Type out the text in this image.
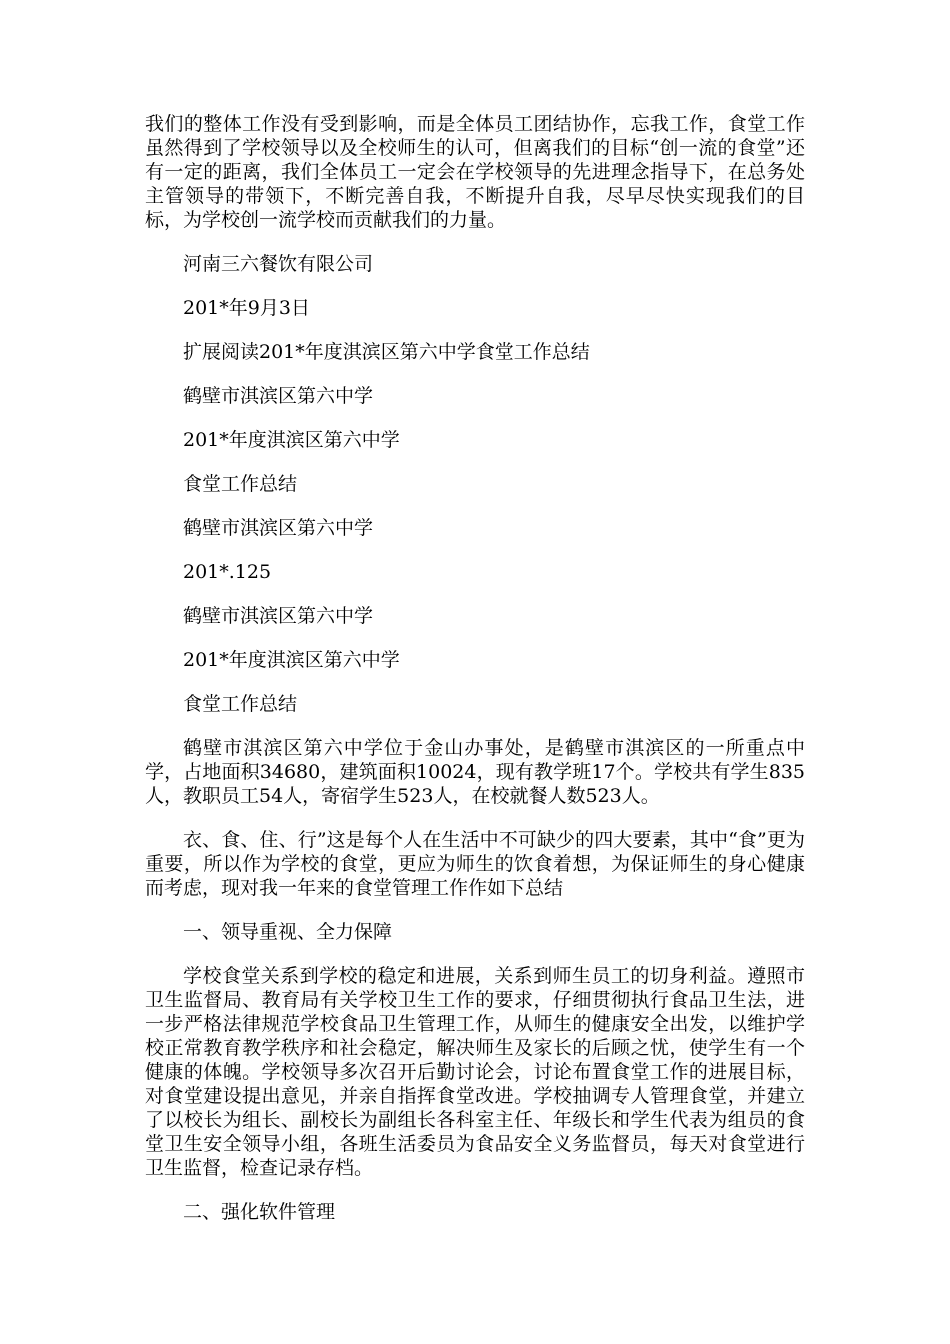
我们的整体工作没有受到影响，而是全体员工团结协作，忘我工作，食堂工作虽然得到了学校领导以及全校师生的认可，但离我们的目标“创一流的食堂”还有一定的距离，我们全体员工一定会在学校领导的先进理念指导下，在总务处主管领导的带领下，不断完善自我，不断提升自我，尽早尽快实现我们的目标，为学校创一流学校而贡献我们的力量。

河南三六餐饮有限公司

201*年9月3日

扩展阅读201*年度淇滨区第六中学食堂工作总结

鹤壁市淇滨区第六中学

201*年度淇滨区第六中学

食堂工作总结

鹤壁市淇滨区第六中学

201*.125

鹤壁市淇滨区第六中学

201*年度淇滨区第六中学

食堂工作总结

鹤壁市淇滨区第六中学位于金山办事处，是鹤壁市淇滨区的一所重点中学，占地面积34680，建筑面积10024，现有教学班17个。学校共有学生835人，教职员工54人，寄宿学生523人，在校就餐人数523人。

衣、食、住、行”这是每个人在生活中不可缺少的四大要素，其中“食”更为重要，所以作为学校的食堂，更应为师生的饮食着想，为保证师生的身心健康而考虑，现对我一年来的食堂管理工作作如下总结

一、领导重视、全力保障

学校食堂关系到学校的稳定和进展，关系到师生员工的切身利益。遵照市卫生监督局、教育局有关学校卫生工作的要求，仔细贯彻执行食品卫生法，进一步严格法律规范学校食品卫生管理工作，从师生的健康安全出发，以维护学校正常教育教学秩序和社会稳定，解决师生及家长的后顾之忧，使学生有一个健康的体魄。学校领导多次召开后勤讨论会，讨论布置食堂工作的进展目标，对食堂建设提出意见，并亲自指挥食堂改进。学校抽调专人管理食堂，并建立了以校长为组长、副校长为副组长各科室主任、年级长和学生代表为组员的食堂卫生安全领导小组，各班生活委员为食品安全义务监督员，每天对食堂进行卫生监督，检查记录存档。

二、强化软件管理
